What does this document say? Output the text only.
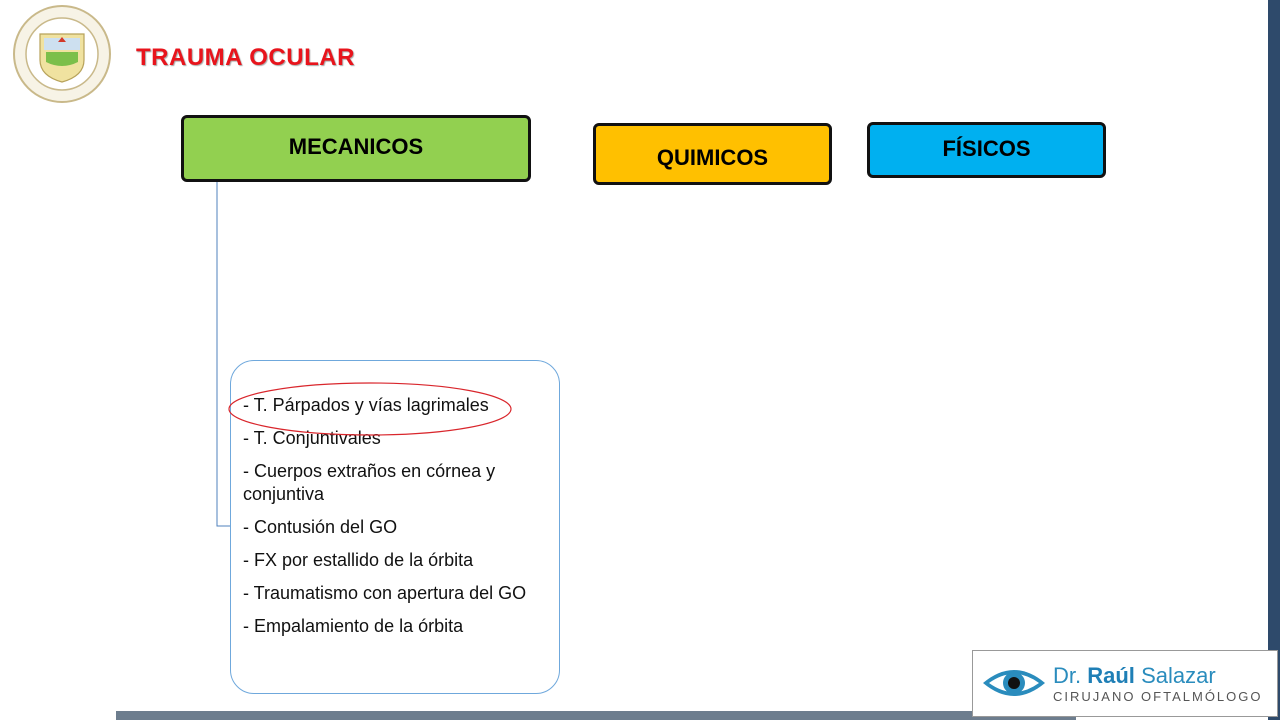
TRAUMA OCULAR
MECANICOS	QUIMICOS	FÍSICOS
- T. Párpados y vías lagrimales
- T. Conjuntivales
- Cuerpos extraños en córnea y conjuntiva
- Contusión del GO
- FX por estallido de la órbita
- Traumatismo con apertura del GO
- Empalamiento de la órbita
Dr. Raúl Salazar
CIRUJANO OFTALMÓLOGO
